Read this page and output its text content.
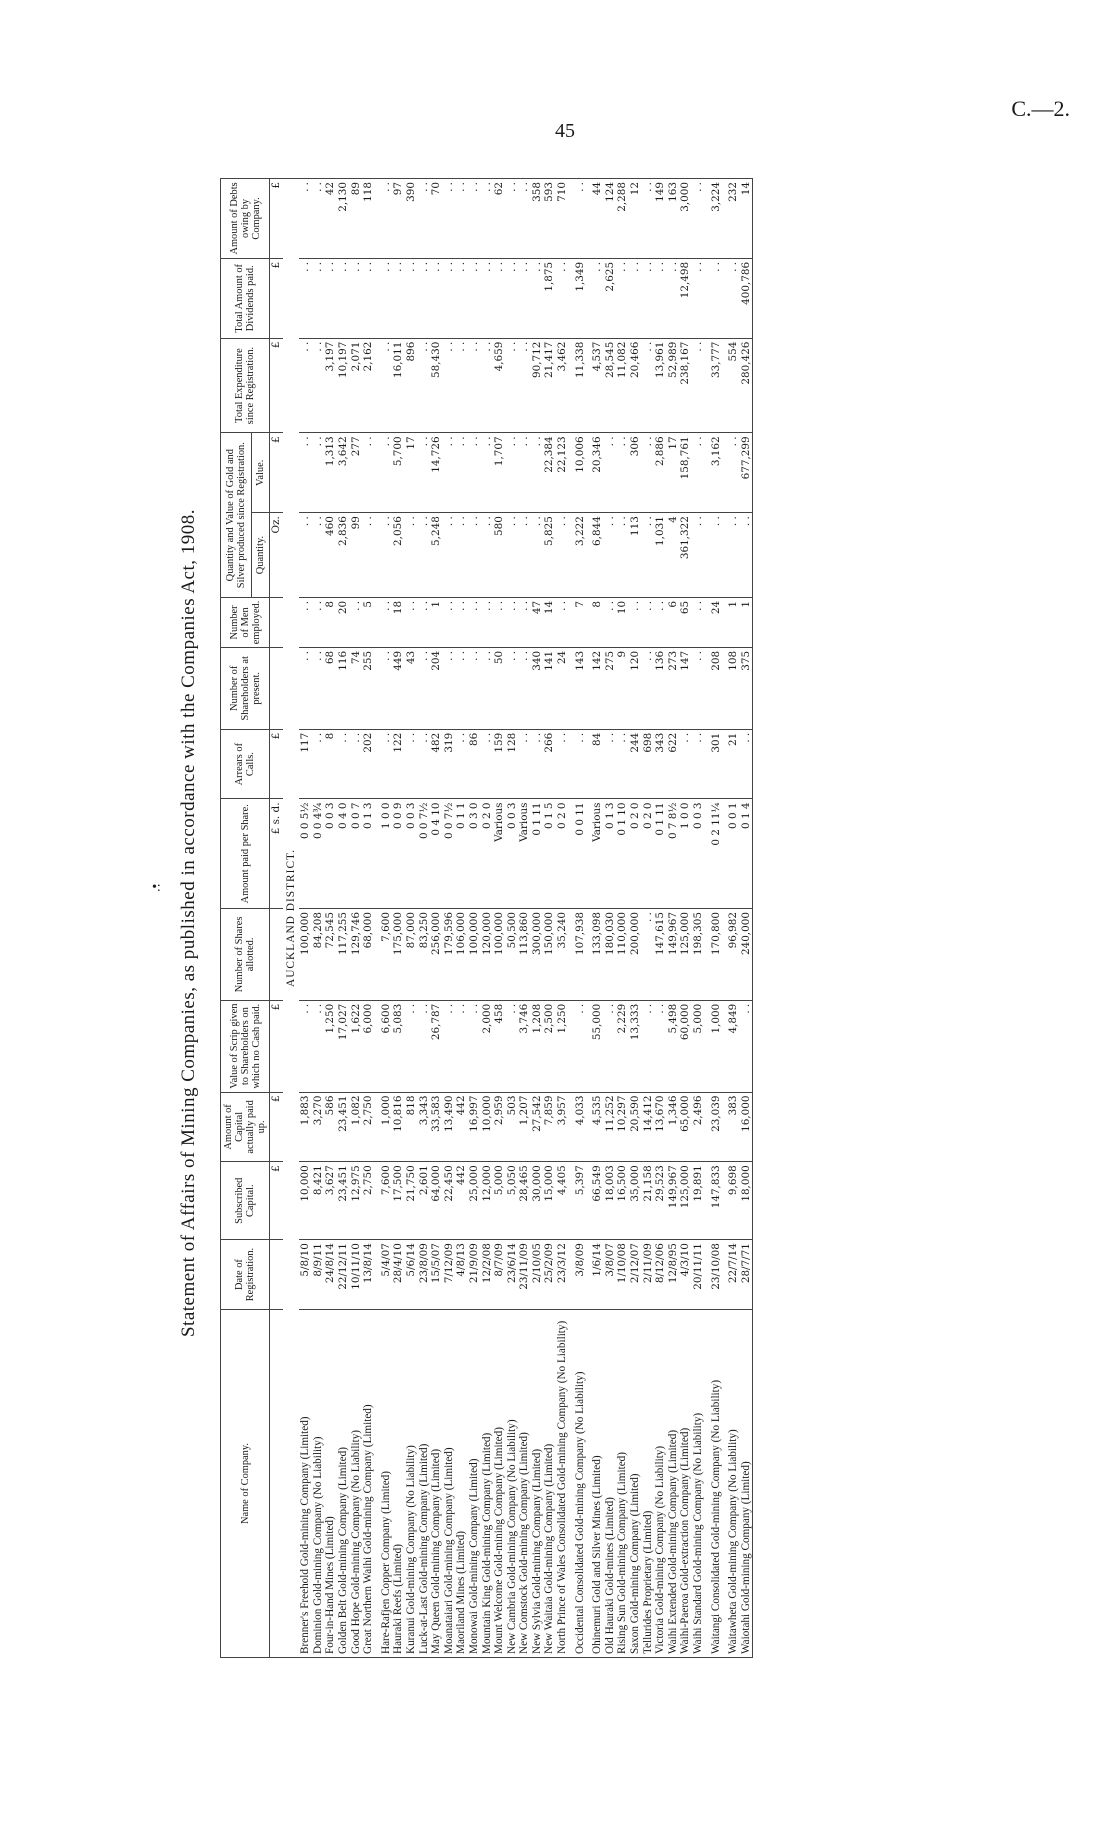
•:
45
C.—2.
Statement of Affairs of Mining Companies, as published in accordance with the Companies Act, 1908.
Name of Company.	Date of Registration.	Subscribed Capital.	Amount of Capital actually paid up.	Value of Scrip given to Shareholders on which no Cash paid.	Number of Shares allotted.	Amount paid per Share.	Arrears of Calls.	Number of Shareholders at present.	Number of Men employed.	Quantity and Value of Gold and Silver produced since Registration.		Total Expenditure since Registration.	Total Amount of Dividends paid.	Amount of Debts owing by Company.
										Quantity.	Value.			
		£	£	£		£ s. d.	£			Oz.	£	£	£	£
AUCKLAND DISTRICT.														
Brenner's Freehold Gold-mining Company (Limited)	5/8/10	10,000	1,883	. .	100,000	0 0 5½	117	. .	. .	. .	. .	. .	. .	. .
Dominion Gold-mining Company (No Liability)	8/9/11	8,421	3,270	. .	84,208	0 0 4¾	. .	. .	. .	. .	. .	. .	. .	. .
Four-in-Hand Mines (Limited)	24/8/14	3,627	586	1,250	72,545	0 0 3	8	68	8	460	1,313	3,197	. .	42
Golden Belt Gold-mining Company (Limited)	22/12/11	23,451	23,451	17,027	117,255	0 4 0	. .	116	20	2,836	3,642	10,197	. .	2,130
Good Hope Gold-mining Company (No Liability)	10/11/10	12,975	1,082	1,622	129,746	0 0 7	. .	74	. .	99	277	2,071	. .	89
Great Northern Waihi Gold-mining Company (Limited)	13/8/14	2,750	2,750	6,000	68,000	0 1 3	202	255	5	. .	. .	2,162	. .	118

Hare-Rafjen Copper Company (Limited)	5/4/07	7,600	1,000	6,600	7,600	1 0 0	. .	. .	. .	. .	. .	. .	. .	. .
Hauraki Reefs (Limited)	28/4/10	17,500	10,816	5,083	175,000	0 0 9	122	449	18	2,056	5,700	16,011	. .	97
Kuranui Gold-mining Company (No Liability)	5/6/14	21,750	818	. .	87,000	0 0 3	. .	43	. .	. .	17	896	. .	390
Luck-at-Last Gold-mining Company (Limited)	23/8/09	2,601	3,343	. .	83,250	0 0 7½	. .	. .	. .	. .	. .	. .	. .	. .
May Queen Gold-mining Company (Limited)	15/5/07	64,000	33,583	26,787	256,000	0 4 10	482	204	1	5,248	14,726	58,430	. .	70
Moanataiari Gold-mining Company (Limited)	7/12/09	22,450	13,490	. .	179,596	0 0 7½	319	. .	. .	. .	. .	. .	. .	. .
Maoriland Mines (Limited)	4/8/13	442	442	. .	106,000	0 1 1	. .	. .	. .	. .	. .	. .	. .	. .
Monowai Gold-mining Company (Limited)	21/9/09	25,000	16,997	. .	100,000	0 3 0	86	. .	. .	. .	. .	. .	. .	. .
Mountain King Gold-mining Company (Limited)	12/2/08	12,000	10,000	2,000	120,000	0 2 0	. .	. .	. .	. .	. .	. .	. .	. .
Mount Welcome Gold-mining Company (Limited)	8/7/09	5,000	2,959	458	100,000	Various	159	50	. .	580	1,707	4,659	. .	62
New Cambria Gold-mining Company (No Liability)	23/6/14	5,050	503	. .	50,500	0 0 3	128	. .	. .	. .	. .	. .	. .	. .
New Comstock Gold-mining Company (Limited)	23/11/09	28,465	1,207	3,746	113,860	Various	. .	. .	. .	. .	. .	. .	. .	. .
New Sylvia Gold-mining Company (Limited)	2/10/05	30,000	27,542	1,208	300,000	0 1 11	. .	340	47	. .	. .	90,712	. .	358
New Waitaia Gold-mining Company (Limited)	25/2/09	15,000	7,859	2,500	150,000	0 1 5	266	141	14	5,825	22,384	21,417	1,875	593
North Prince of Wales Consolidated Gold-mining Company (No Liability)	23/3/12	4,405	3,957	1,250	35,240	0 2 0	. .	24	. .	. .	22,123	3,462	. .	710

Occidental Consolidated Gold-mining Company (No Liability)	3/8/09	5,397	4,033	. .	107,938	0 0 11	. .	143	7	3,222	10,006	11,338	1,349	. .

Ohinemuri Gold and Silver Mines (Limited)	1/6/14	66,549	4,535	55,000	133,098	Various	84	142	8	6,844	20,346	4,537	. .	44
Old Hauraki Gold-mines (Limited)	3/8/07	18,003	11,252	. .	180,030	0 1 3	. .	275	. .	. .	. .	28,545	2,625	124
Rising Sun Gold-mining Company (Limited)	1/10/08	16,500	10,297	2,229	110,000	0 1 10	. .	9	10	. .	. .	11,082	. .	2,288
Saxon Gold-mining Company (Limited)	2/12/07	35,000	20,590	13,333	200,000	0 2 0	244	120	. .	113	306	20,466	. .	12
Tellurides Proprietary (Limited)	2/11/09	21,158	14,412	. .	. .	0 2 0	698	. .	. .	. .	. .	. .	. .	. .
Victoria Gold-mining Company (No Liability)	8/12/06	29,523	13,670	. .	147,615	0 1 11	343	136	. .	1,031	2,886	13,961	. .	149
Waihi Extended Gold-mining Company (Limited)	12/8/95	149,967	1,346	5,498	149,967	0 7 8½	622	273	6	4	17	52,989	. .	163
Waihi-Paeroa Gold-extraction Company (Limited)	4/3/10	125,000	65,000	60,000	125,000	1 0 0	. .	147	65	361,322	158,761	238,167	12,498	3,000
Waihi Standard Gold-mining Company (No Liability)	20/11/11	19,891	2,496	5,000	198,305	0 0 3	. .	. .	. .	. .	. .	. .	. .	. .

Waitangi Consolidated Gold-mining Company (No Liability)	23/10/08	147,833	23,039	1,000	170,800	0 2 11¼	301	208	24	. .	3,162	33,777	. .	3,224

Waitawheta Gold-mining Company (No Liability)	22/7/14	9,698	383	4,849	96,982	0 0 1	21	108	1	. .	. .	554	. .	232
Waiotahi Gold-mining Company (Limited)	28/7/71	18,000	16,000	. .	240,000	0 1 4	. .	375	1	. .	677,299	280,426	400,786	14
